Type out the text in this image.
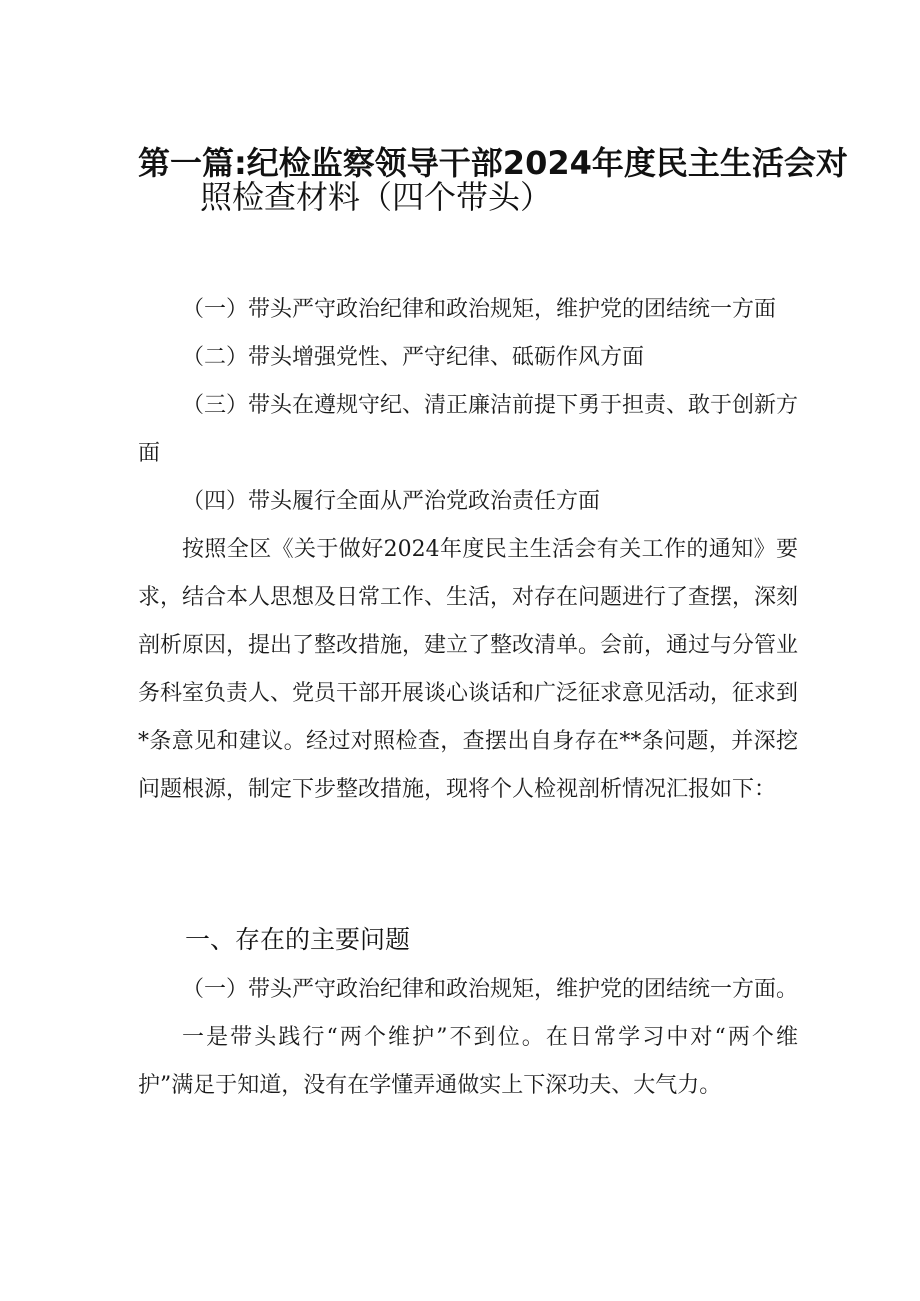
第一篇:纪检监察领导干部2024年度民主生活会对
照检查材料（四个带头）

（一）带头严守政治纪律和政治规矩，维护党的团结统一方面

（二）带头增强党性、严守纪律、砥砺作风方面

（三）带头在遵规守纪、清正廉洁前提下勇于担责、敢于创新方面

（四）带头履行全面从严治党政治责任方面

按照全区《关于做好2024年度民主生活会有关工作的通知》要求，结合本人思想及日常工作、生活，对存在问题进行了查摆，深刻剖析原因，提出了整改措施，建立了整改清单。会前，通过与分管业务科室负责人、党员干部开展谈心谈话和广泛征求意见活动，征求到*条意见和建议。经过对照检查，查摆出自身存在**条问题，并深挖问题根源，制定下步整改措施，现将个人检视剖析情况汇报如下：

一、存在的主要问题

（一）带头严守政治纪律和政治规矩，维护党的团结统一方面。

一是带头践行“两个维护”不到位。在日常学习中对“两个维护”满足于知道，没有在学懂弄通做实上下深功夫、大气力。
